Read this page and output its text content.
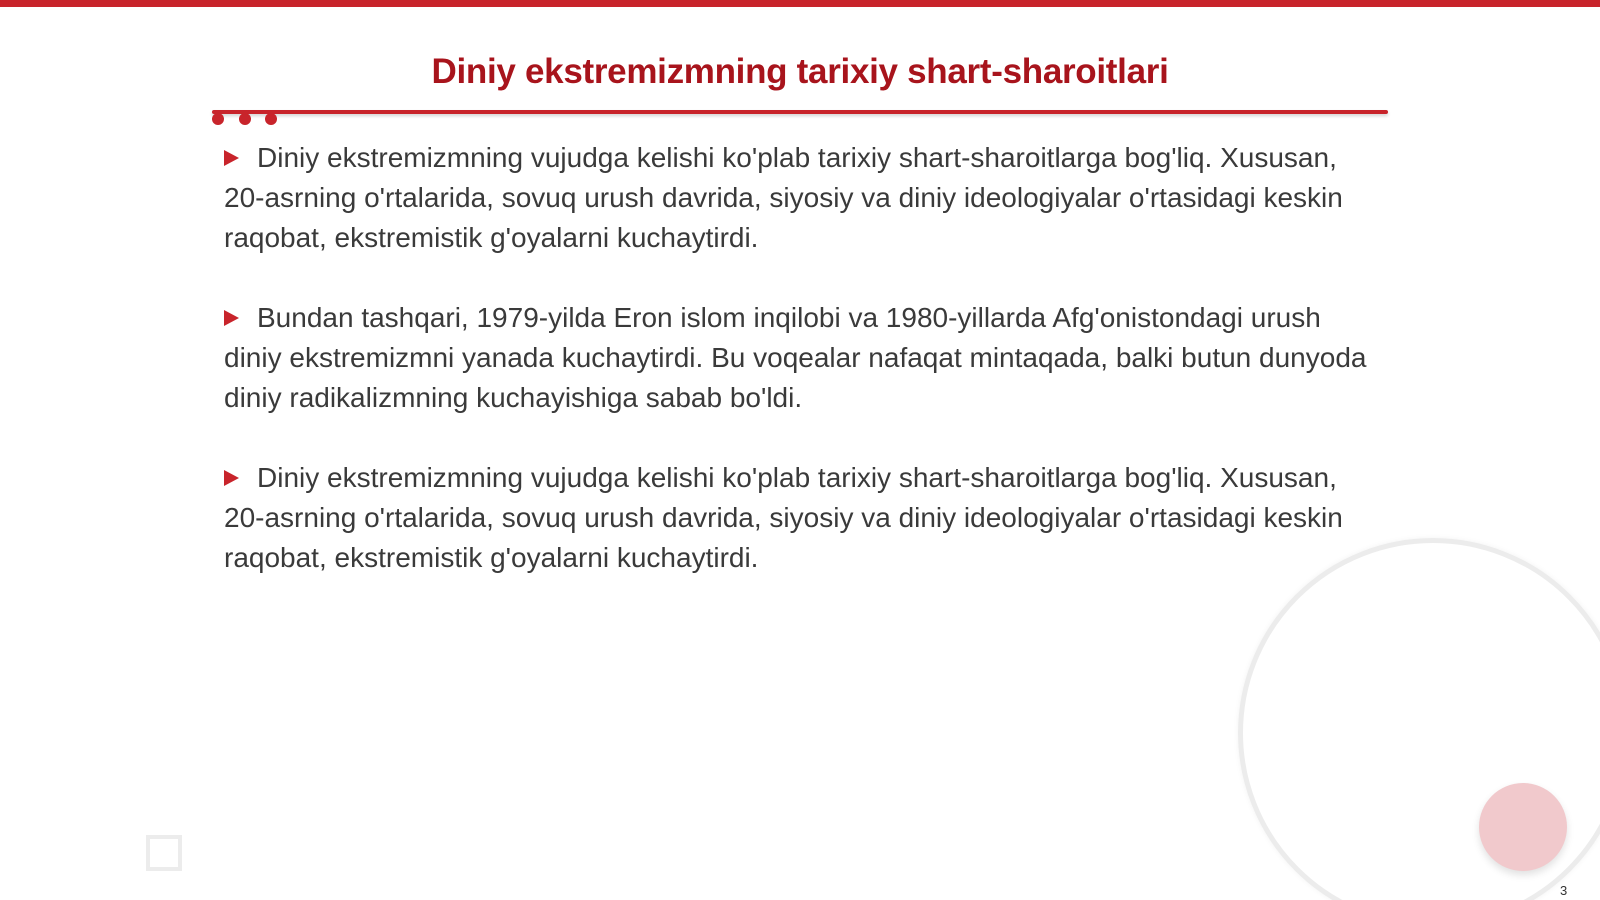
Diniy ekstremizmning tarixiy shart-sharoitlari

Diniy ekstremizmning vujudga kelishi ko'plab tarixiy shart-sharoitlarga bog'liq. Xususan, 20-asrning o'rtalarida, sovuq urush davrida, siyosiy va diniy ideologiyalar o'rtasidagi keskin raqobat, ekstremistik g'oyalarni kuchaytirdi.

Bundan tashqari, 1979-yilda Eron islom inqilobi va 1980-yillarda Afg'onistondagi urush diniy ekstremizmni yanada kuchaytirdi. Bu voqealar nafaqat mintaqada, balki butun dunyoda diniy radikalizmning kuchayishiga sabab bo'ldi.

Diniy ekstremizmning vujudga kelishi ko'plab tarixiy shart-sharoitlarga bog'liq. Xususan, 20-asrning o'rtalarida, sovuq urush davrida, siyosiy va diniy ideologiyalar o'rtasidagi keskin raqobat, ekstremistik g'oyalarni kuchaytirdi.

3
